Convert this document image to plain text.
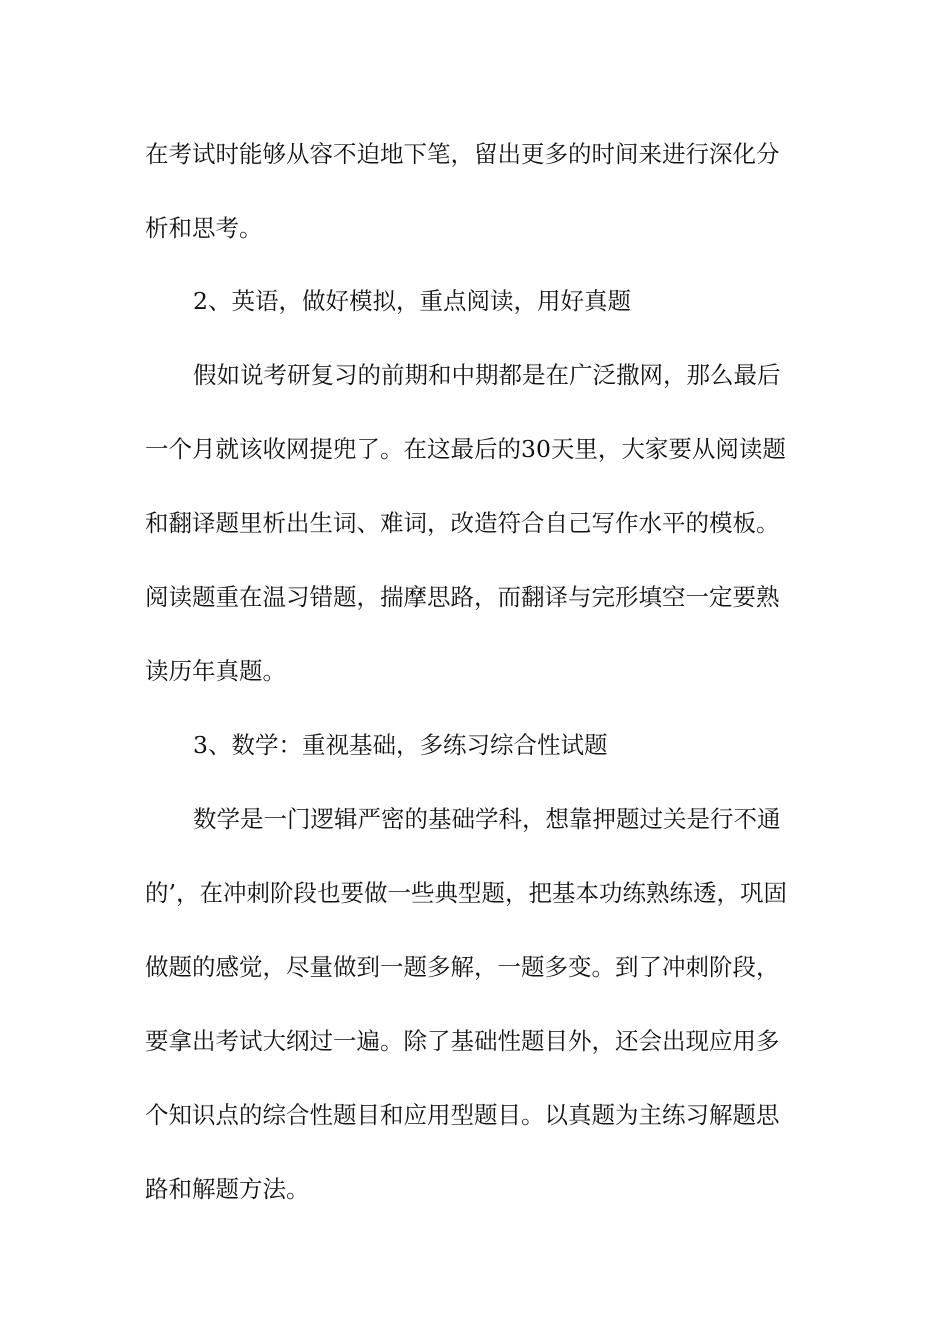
在考试时能够从容不迫地下笔，留出更多的时间来进行深化分
析和思考。
2、英语，做好模拟，重点阅读，用好真题
假如说考研复习的前期和中期都是在广泛撒网，那么最后
一个月就该收网提兜了。在这最后的30天里，大家要从阅读题
和翻译题里析出生词、难词，改造符合自己写作水平的模板。
阅读题重在温习错题，揣摩思路，而翻译与完形填空一定要熟
读历年真题。
3、数学：重视基础，多练习综合性试题
数学是一门逻辑严密的基础学科，想靠押题过关是行不通
的’，在冲刺阶段也要做一些典型题，把基本功练熟练透，巩固
做题的感觉，尽量做到一题多解，一题多变。到了冲刺阶段，
要拿出考试大纲过一遍。除了基础性题目外，还会出现应用多
个知识点的综合性题目和应用型题目。以真题为主练习解题思
路和解题方法。
